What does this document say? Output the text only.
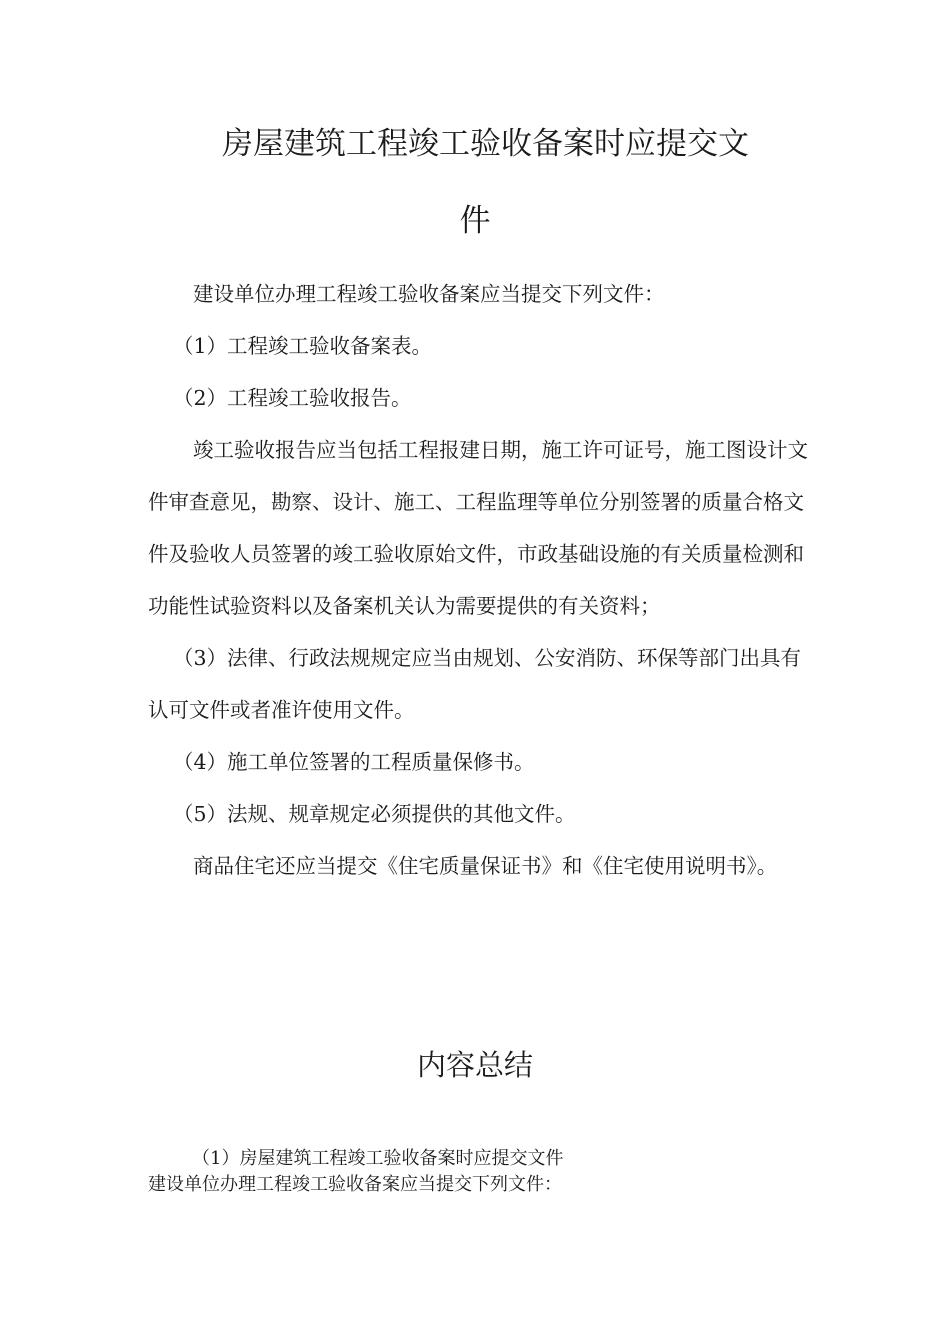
房屋建筑工程竣工验收备案时应提交文
件

建设单位办理工程竣工验收备案应当提交下列文件：

（1）工程竣工验收备案表。

（2）工程竣工验收报告。

竣工验收报告应当包括工程报建日期，施工许可证号，施工图设计文件审查意见，勘察、设计、施工、工程监理等单位分别签署的质量合格文件及验收人员签署的竣工验收原始文件，市政基础设施的有关质量检测和功能性试验资料以及备案机关认为需要提供的有关资料；

（3）法律、行政法规规定应当由规划、公安消防、环保等部门出具有认可文件或者准许使用文件。

（4）施工单位签署的工程质量保修书。

（5）法规、规章规定必须提供的其他文件。

商品住宅还应当提交《住宅质量保证书》和《住宅使用说明书》。

内容总结

（1）房屋建筑工程竣工验收备案时应提交文件

建设单位办理工程竣工验收备案应当提交下列文件：
